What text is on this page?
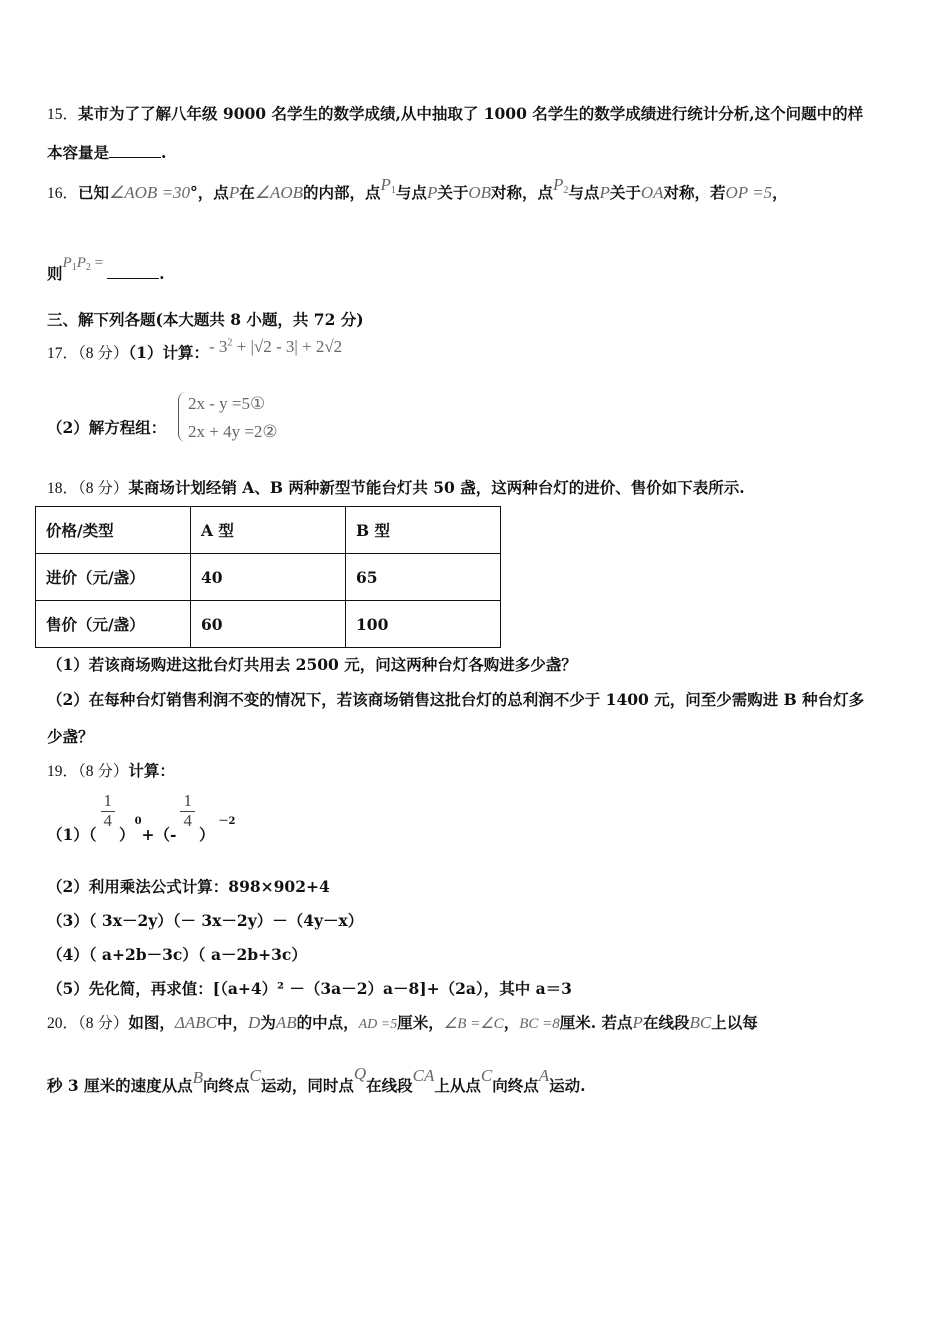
15．某市为了了解八年级 9000 名学生的数学成绩,从中抽取了 1000 名学生的数学成绩进行统计分析,这个问题中的样
本容量是	.
16．已知∠AOB =30°，点P在∠AOB的内部，点$P_1$与点P关于OB对称，点$P_2$与点P关于OA对称，若OP =5，
则$P_1P_2$ =.
三、解下列各题(本大题共 8 小题，共 72 分)
17．（8 分）（1）计算：- $3^2 + |√2 - 3| + 2√2$
（2）解方程组：
2x - y =5①
2x + 4y =2②
18．（8 分）某商场计划经销 A、B 两种新型节能台灯共 50 盏，这两种台灯的进价、售价如下表所示.
价格/类型	A 型	B 型
进价（元/盏）	40	65
售价（元/盏）	60	100
（1）若该商场购进这批台灯共用去 2500 元，问这两种台灯各购进多少盏？
（2）在每种台灯销售利润不变的情况下，若该商场销售这批台灯的总利润不少于 1400 元，问至少需购进 B 种台灯多
少盏？
19．（8 分）计算：
（1）（
$\frac{1}{4}$
）$^0$+（-
$\frac{1}{4}$
）$^{-2}$
（2）利用乘法公式计算：898×902+4
（3）（ 3x－2y）（－ 3x－2y）－（4y－x）
（4）（ a+2b－3c）（ a－2b+3c）
（5）先化简，再求值：[（a+4）² －（3a－2）a－8]+（2a），其中 a＝3
20．（8 分）如图，ΔABC中，D为AB的中点，AD =5厘米，∠B =∠C，BC =8厘米. 若点P在线段BC上以每
秒 3 厘米的速度从点B向终点C运动，同时点Q在线段CA上从点C向终点A运动.
